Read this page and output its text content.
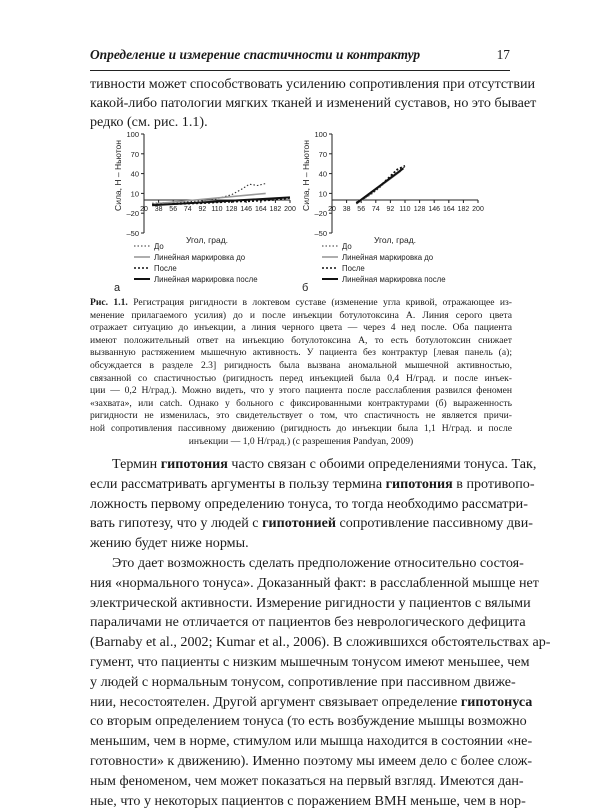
Определение и измерение спастичности и контрактур	17
тивности может способствовать усилению сопротивления при отсутствии
какой-либо патологии мягких тканей и изменений суставов, но это бывает
редко (см. рис. 1.1).
100
70
40
10
–20
–50
20 38 56 74 92 110 128 146 164 182 200
Сила, Н – Ньютон
Угол, град.
До
Линейная маркировка до
После
Линейная маркировка после
а
100
70
40
10
–20
–50
20 38 56 74 92 110 128 146 164 182 200
Сила, Н – Ньютон
Угол, град.
До
Линейная маркировка до
После
Линейная маркировка после
б
Рис. 1.1. Регистрация ригидности в локтевом суставе (изменение угла кривой, отражающее из-
менение прилагаемого усилия) до и после инъекции ботулотоксина А. Линия серого цвета
отражает ситуацию до инъекции, а линия черного цвета — через 4 нед после. Оба пациента
имеют положительный ответ на инъекцию ботулотоксина А, то есть ботулотоксин снижает
вызванную растяжением мышечную активность. У пациента без контрактур [левая панель (а);
обсуждается в разделе 2.3] ригидность была вызвана аномальной мышечной активностью,
связанной со спастичностью (ригидность перед инъекцией была 0,4 Н/град. и после инъек-
ции — 0,2 Н/град.). Можно видеть, что у этого пациента после расслабления развился феномен
«захвата», или catch. Однако у больного с фиксированными контрактурами (б) выраженность
ригидности не изменилась, это свидетельствует о том, что спастичность не является причи-
ной сопротивления пассивному движению (ригидность до инъекции была 1,1 Н/град. и после
инъекции — 1,0 Н/град.) (с разрешения Pandyan, 2009)
Термин гипотония часто связан с обоими определениями тонуса. Так,
если рассматривать аргументы в пользу термина гипотония в противопо-
ложность первому определению тонуса, то тогда необходимо рассматри-
вать гипотезу, что у людей с гипотонией сопротивление пассивному дви-
жению будет ниже нормы.
Это дает возможность сделать предположение относительно состоя-
ния «нормального тонуса». Доказанный факт: в расслабленной мышце нет
электрической активности. Измерение ригидности у пациентов с вялыми
параличами не отличается от пациентов без неврологического дефицита
(Barnaby et al., 2002; Kumar et al., 2006). В сложившихся обстоятельствах ар-
гумент, что пациенты с низким мышечным тонусом имеют меньшее, чем
у людей с нормальным тонусом, сопротивление при пассивном движе-
нии, несостоятелен. Другой аргумент связывает определение гипотонуса
со вторым определением тонуса (то есть возбуждение мышцы возможно
меньшим, чем в норме, стимулом или мышца находится в состоянии «не-
готовности» к движению). Именно поэтому мы имеем дело с более слож-
ным феноменом, чем может показаться на первый взгляд. Имеются дан-
ные, что у некоторых пациентов с поражением ВМН меньше, чем в нор-
